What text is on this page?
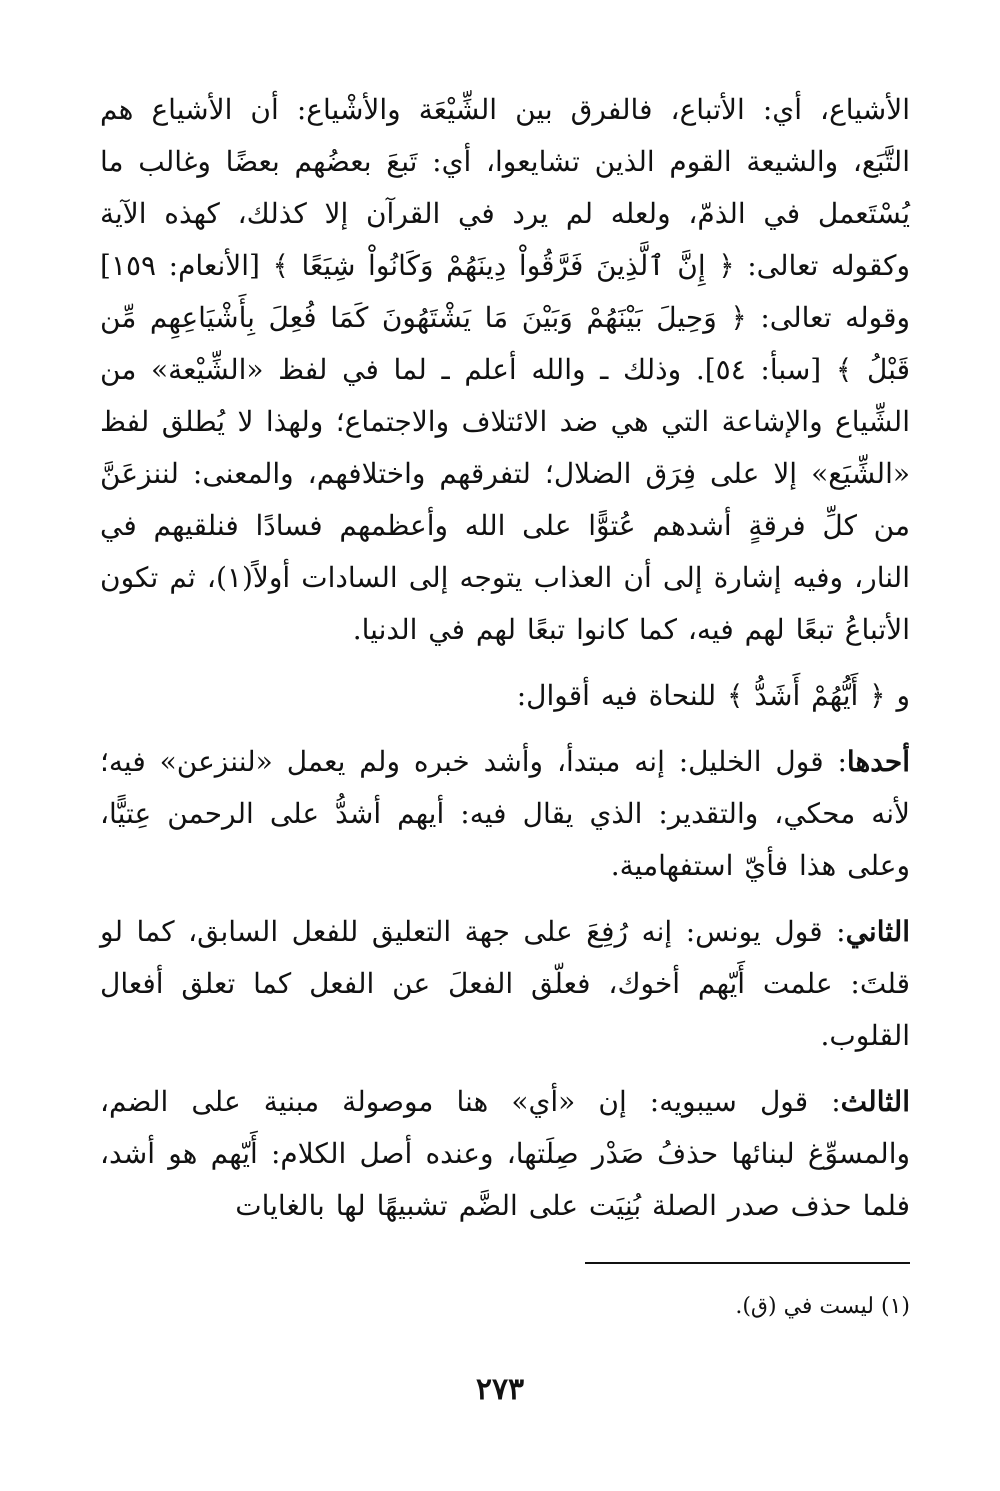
الأشياع، أي: الأتباع، فالفرق بين الشِّيْعَة والأشْياع: أن الأشياع هم التَّبَع، والشيعة القوم الذين تشايعوا، أي: تَبعَ بعضُهم بعضًا وغالب ما يُسْتَعمل في الذمّ، ولعله لم يرد في القرآن إلا كذلك، كهذه الآية وكقوله تعالى: ﴿ إِنَّ ٱلَّذِينَ فَرَّقُواْ دِينَهُمْ وَكَانُواْ شِيَعًا ﴾ [الأنعام: ١٥٩] وقوله تعالى: ﴿ وَحِيلَ بَيْنَهُمْ وَبَيْنَ مَا يَشْتَهُونَ كَمَا فُعِلَ بِأَشْيَاعِهِم مِّن قَبْلُ ﴾ [سبأ: ٥٤]. وذلك ـ والله أعلم ـ لما في لفظ «الشِّيْعة» من الشِّياع والإشاعة التي هي ضد الائتلاف والاجتماع؛ ولهذا لا يُطلق لفظ «الشِّيَع» إلا على فِرَق الضلال؛ لتفرقهم واختلافهم، والمعنى: لننزعَنَّ من كلِّ فرقةٍ أشدهم عُتوًّا على الله وأعظمهم فسادًا فنلقيهم في النار، وفيه إشارة إلى أن العذاب يتوجه إلى السادات أولاً(١)، ثم تكون الأتباعُ تبعًا لهم فيه، كما كانوا تبعًا لهم في الدنيا.

و ﴿ أَيُّهُمْ أَشَدُّ ﴾ للنحاة فيه أقوال:

أحدها: قول الخليل: إنه مبتدأ، وأشد خبره ولم يعمل «لننزعن» فيه؛ لأنه محكي، والتقدير: الذي يقال فيه: أيهم أشدُّ على الرحمن عِتيًّا، وعلى هذا فأيّ استفهامية.

الثاني: قول يونس: إنه رُفِعَ على جهة التعليق للفعل السابق، كما لو قلتَ: علمت أَيّهم أخوك، فعلّق الفعلَ عن الفعل كما تعلق أفعال القلوب.

الثالث: قول سيبويه: إن «أي» هنا موصولة مبنية على الضم، والمسوِّغ لبنائها حذفُ صَدْر صِلَتها، وعنده أصل الكلام: أَيّهم هو أشد، فلما حذف صدر الصلة بُنِيَت على الضَّم تشبيهًا لها بالغايات

(١) ليست في (ق).
٢٧٣
